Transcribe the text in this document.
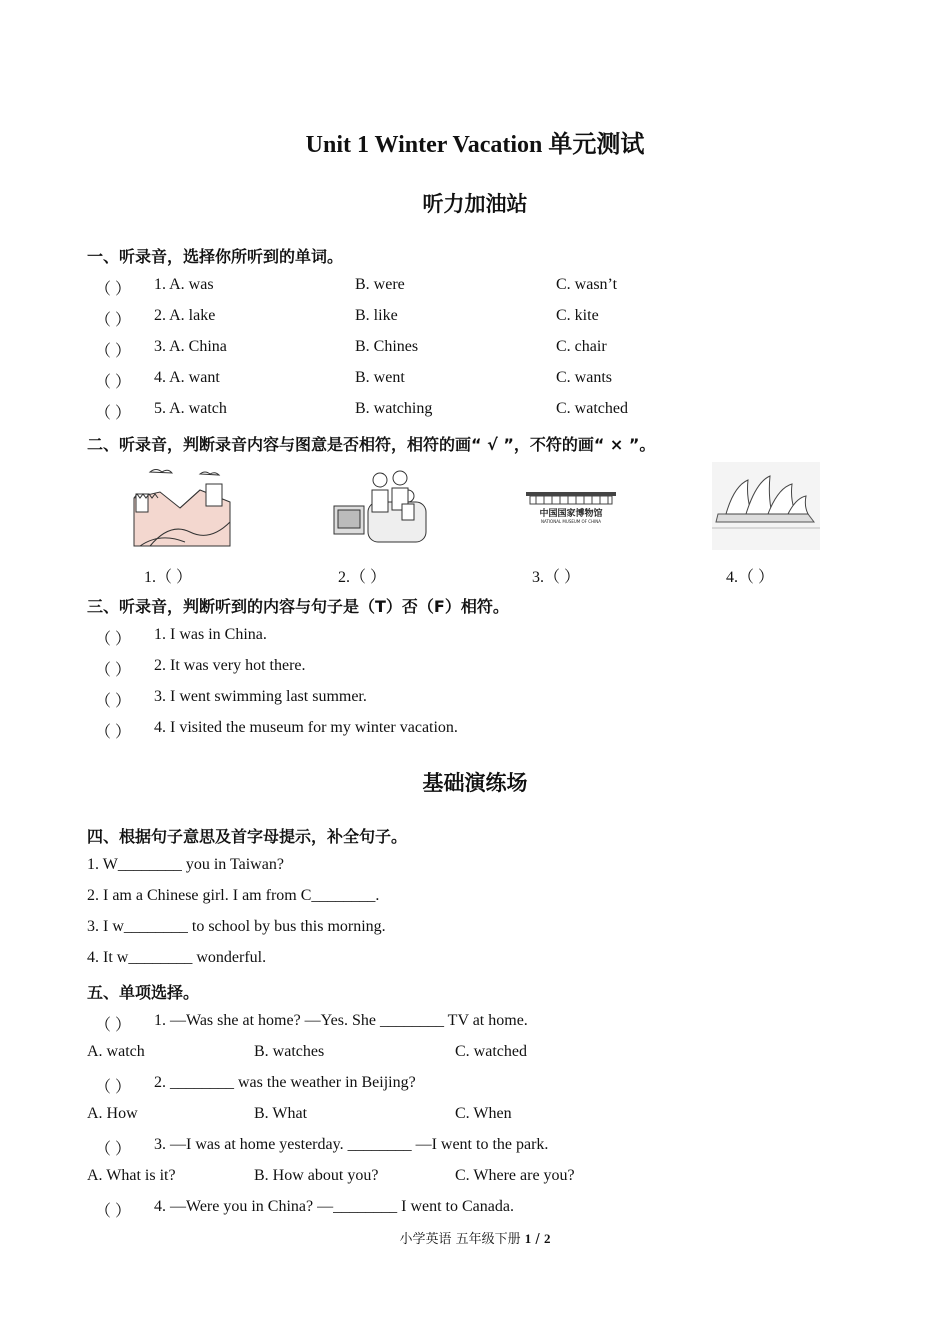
Unit 1 Winter Vacation 单元测试
听力加油站
一、听录音，选择你所听到的单词。
（ ） 1. A. was	B. were	C. wasn’t
（ ） 2. A. lake	B. like	C. kite
（ ） 3. A. China	B. Chines	C. chair
（ ） 4. A. want	B. went	C. wants
（ ） 5. A. watch	B. watching	C. watched
二、听录音，判断录音内容与图意是否相符，相符的画“ √ ”，不符的画“ × ”。
中国国家博物馆
NATIONAL MUSEUM OF CHINA
1.（ ）	2.（ ）	3.（ ）	4.（ ）
三、听录音，判断听到的内容与句子是（T）否（F）相符。
（ ） 1. I was in China.
（ ） 2. It was very hot there.
（ ） 3. I went swimming last summer.
（ ） 4. I visited the museum for my winter vacation.
基础演练场
四、根据句子意思及首字母提示，补全句子。
1. W________ you in Taiwan?
2. I am a Chinese girl. I am from C________.
3. I w________ to school by bus this morning.
4. It w________ wonderful.
五、单项选择。
（ ） 1. —Was she at home? —Yes. She ________ TV at home.
A. watch	B. watches	C. watched
（ ） 2. ________ was the weather in Beijing?
A. How	B. What	C. When
（ ） 3. —I was at home yesterday. ________ —I went to the park.
A. What is it?	B. How about you?	C. Where are you?
（ ） 4. —Were you in China? —________ I went to Canada.
小学英语 五年级下册 1 / 2
